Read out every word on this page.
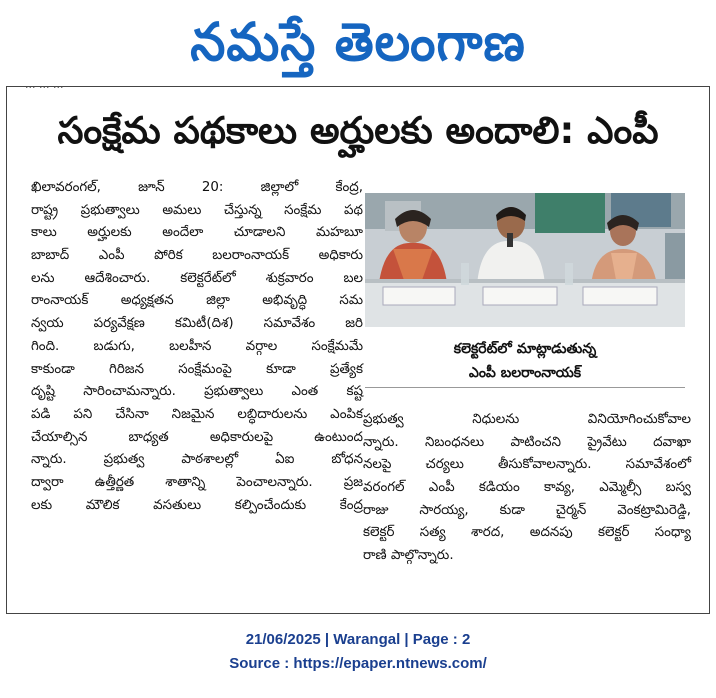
నమస్తే తెలంగాణ
... ... ...
సంక్షేమ పథకాలు అర్హులకు అందాలి: ఎంపీ
ఖిలావరంగల్, జూన్ 20: జిల్లాలో కేంద్ర,
రాష్ట్ర ప్రభుత్వాలు అమలు చేస్తున్న సంక్షేమ పథ
కాలు అర్హులకు అందేలా చూడాలని మహబూ
బాబాద్ ఎంపీ పోరిక బలరాంనాయక్ అధికారు
లను ఆదేశించారు. కలెక్టరేట్‌లో శుక్రవారం బల
రాంనాయక్ అధ్యక్షతన జిల్లా అభివృద్ధి సమ
న్వయ పర్యవేక్షణ కమిటీ(దిశ) సమావేశం జరి
గింది. బడుగు, బలహీన వర్గాల సంక్షేమమే
కాకుండా గిరిజన సంక్షేమంపై కూడా ప్రత్యేక
దృష్టి సారించామన్నారు. ప్రభుత్వాలు ఎంత కష్ట
పడి పని చేసినా నిజమైన లబ్ధిదారులను ఎంపిక
చేయాల్సిన బాధ్యత అధికారులపై ఉంటుంద
న్నారు. ప్రభుత్వ పాఠశాలల్లో ఏఐ బోధన
ద్వారా ఉత్తీర్ణత శాతాన్ని పెంచాలన్నారు. ప్రజ
లకు మౌలిక వసతులు కల్పించేందుకు కేంద్ర
కలెక్టరేట్‌లో మాట్లాడుతున్న
ఎంపీ బలరాంనాయక్
ప్రభుత్వ నిధులను వినియోగించుకోవాల
న్నారు. నిబంధనలు పాటించని ప్రైవేటు దవాఖా
నలపై చర్యలు తీసుకోవాలన్నారు. సమావేశంలో
వరంగల్ ఎంపీ కడియం కావ్య, ఎమ్మెల్సీ బస్వ
రాజు సారయ్య, కుడా చైర్మన్ వెంకట్రామిరెడ్డి,
కలెక్టర్ సత్య శారద, అదనపు కలెక్టర్ సంధ్యా
రాణి పాల్గొన్నారు.
21/06/2025 | Warangal | Page : 2
Source : https://epaper.ntnews.com/
